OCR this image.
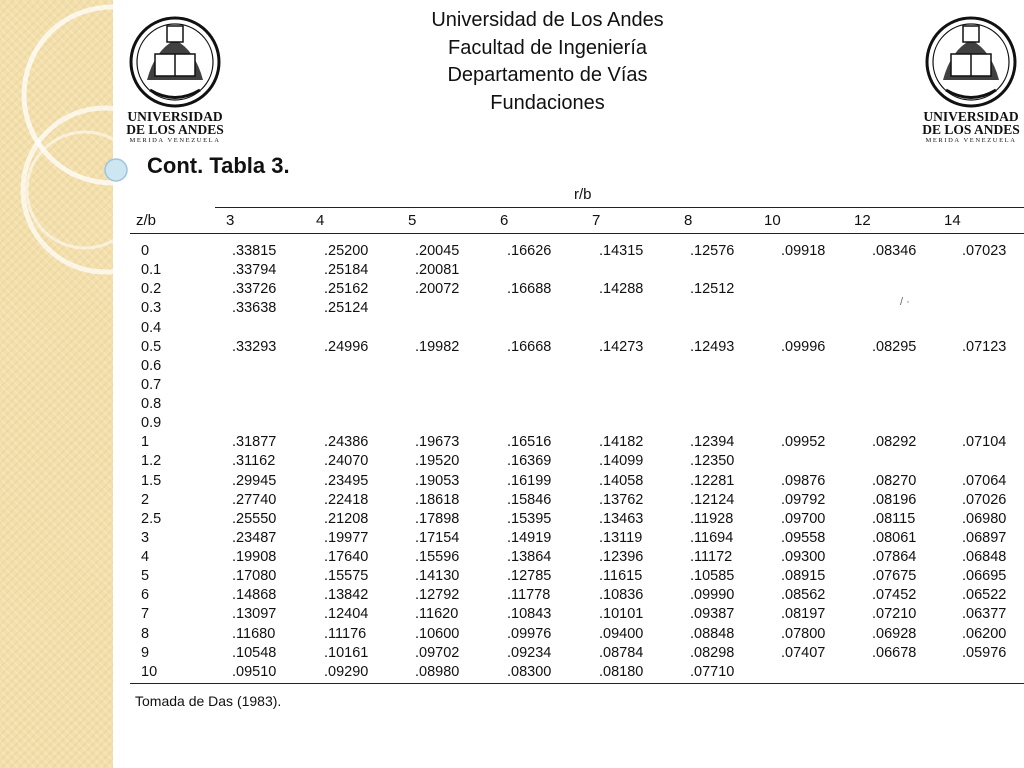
UNIVERSIDAD
DE LOS ANDES
MERIDA VENEZUELA
UNIVERSIDAD
DE LOS ANDES
MERIDA VENEZUELA
Universidad de Los Andes
Facultad de Ingeniería
Departamento de Vías
Fundaciones
Cont. Tabla 3.
r/b
z/b
Tomada de Das (1983).
3	4	5	6	7	8	10	12	14
0	.33815	.25200	.20045	.16626	.14315	.12576	.09918	.08346	.07023
0.1	.33794	.25184	.20081
0.2	.33726	.25162	.20072	.16688	.14288	.12512
0.3	.33638	.25124
0.4
0.5	.33293	.24996	.19982	.16668	.14273	.12493	.09996	.08295	.07123
0.6
0.7
0.8
0.9
1	.31877	.24386	.19673	.16516	.14182	.12394	.09952	.08292	.07104
1.2	.31162	.24070	.19520	.16369	.14099	.12350
1.5	.29945	.23495	.19053	.16199	.14058	.12281	.09876	.08270	.07064
2	.27740	.22418	.18618	.15846	.13762	.12124	.09792	.08196	.07026
2.5	.25550	.21208	.17898	.15395	.13463	.11928	.09700	.08115	.06980
3	.23487	.19977	.17154	.14919	.13119	.11694	.09558	.08061	.06897
4	.19908	.17640	.15596	.13864	.12396	.11172	.09300	.07864	.06848
5	.17080	.15575	.14130	.12785	.11615	.10585	.08915	.07675	.06695
6	.14868	.13842	.12792	.11778	.10836	.09990	.08562	.07452	.06522
7	.13097	.12404	.11620	.10843	.10101	.09387	.08197	.07210	.06377
8	.11680	.11176	.10600	.09976	.09400	.08848	.07800	.06928	.06200
9	.10548	.10161	.09702	.09234	.08784	.08298	.07407	.06678	.05976
10	.09510	.09290	.08980	.08300	.08180	.07710
/ ·
